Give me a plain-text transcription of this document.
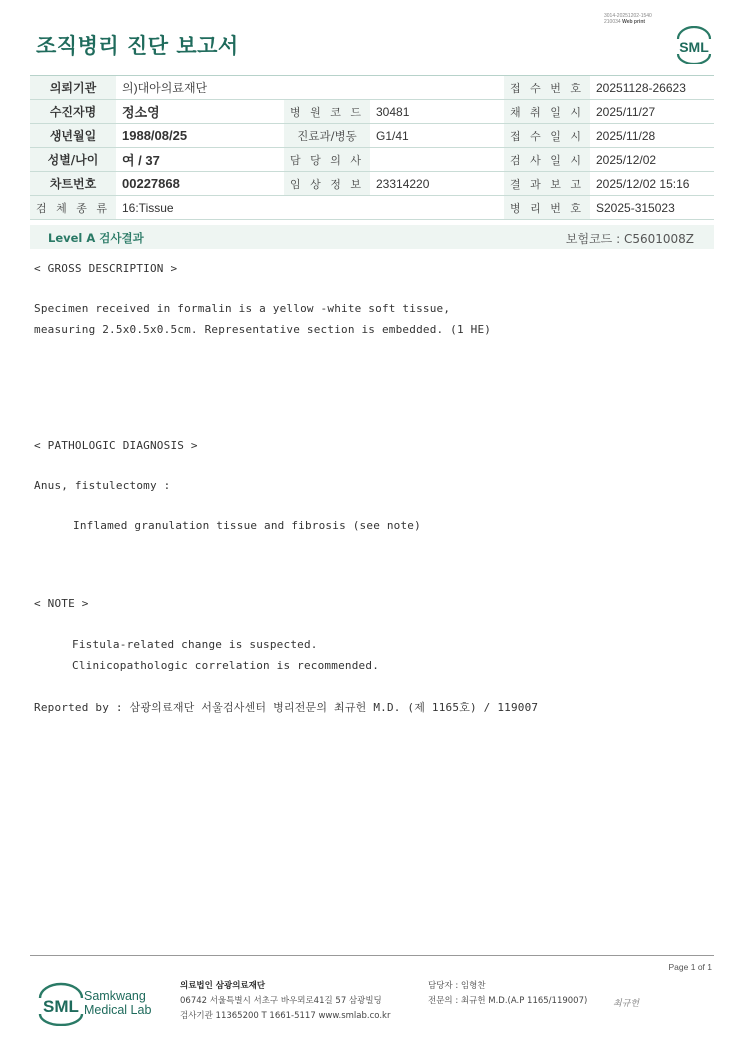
조직병리 진단 보고서
3014-20251202-1540
210034 Web print
SML
의뢰기관	의)대아의료재단			접 수 번 호	20251128-26623
수진자명	정소영	병 원 코 드	30481	채 취 일 시	2025/11/27
생년월일	1988/08/25	진료과/병동	G1/41	접 수 일 시	2025/11/28
성별/나이	여 / 37	담 당 의 사		검 사 일 시	2025/12/02
차트번호	00227868	임 상 정 보	23314220	결 과 보 고	2025/12/02 15:16
검 체 종 류	16:Tissue			병 리 번 호	S2025-315023
Level A 검사결과	보험코드 : C5601008Z
< GROSS DESCRIPTION >
Specimen received in formalin is a yellow -white soft tissue,
measuring 2.5x0.5x0.5cm. Representative section is embedded. (1 HE)
< PATHOLOGIC DIAGNOSIS >
Anus, fistulectomy :
Inflamed granulation tissue and fibrosis (see note)
< NOTE >
Fistula-related change is suspected.
Clinicopathologic correlation is recommended.
Reported by : 삼광의료재단 서울검사센터 병리전문의 최규헌 M.D. (제 1165호) / 119007
Page 1 of 1
SML
Samkwang
Medical Lab
의료법인 삼광의료재단
06742 서울특별시 서초구 바우뫼로41길 57 삼광빌딩
검사기관 11365200 T 1661-5117 www.smlab.co.kr
담당자 : 임형찬
전문의 : 최규헌 M.D.(A.P 1165/119007)	최규헌
